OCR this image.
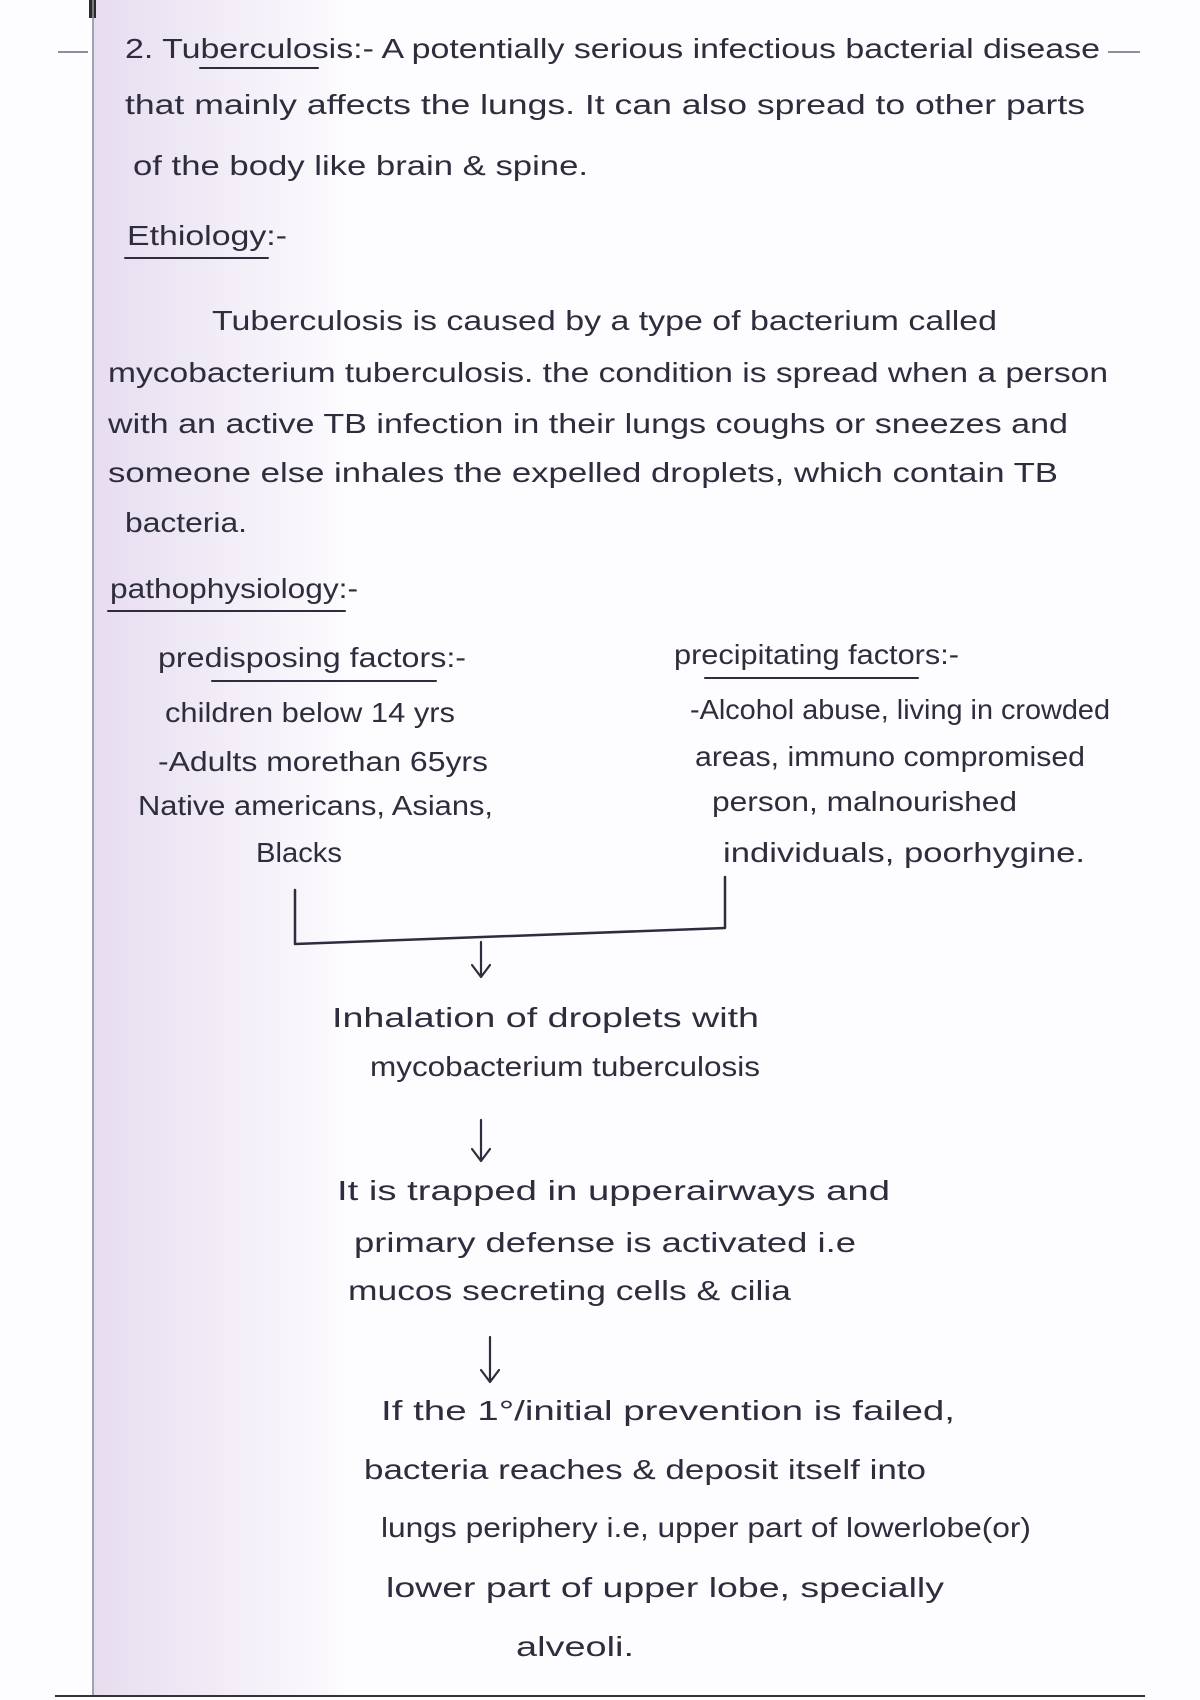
2. Tuberculosis:- A potentially serious infectious bacterial disease
that mainly affects the lungs. It can also spread to other parts
of the body like brain & spine.
Ethiology:-
Tuberculosis is caused by a type of bacterium called
mycobacterium tuberculosis. the condition is spread when a person
with an active TB infection in their lungs coughs or sneezes and
someone else inhales the expelled droplets, which contain TB
bacteria.
pathophysiology:-
predisposing factors:-
children below 14 yrs
-Adults morethan 65yrs
Native americans, Asians,
Blacks
precipitating factors:-
-Alcohol abuse, living in crowded
areas, immuno compromised
person, malnourished
individuals, poorhygine.
Inhalation of droplets with
mycobacterium tuberculosis
It is trapped in upperairways and
primary defense is activated i.e
mucos secreting cells & cilia
If the 1°/initial prevention is failed,
bacteria reaches & deposit itself into
lungs periphery i.e, upper part of lowerlobe(or)
lower part of upper lobe, specially
alveoli.
